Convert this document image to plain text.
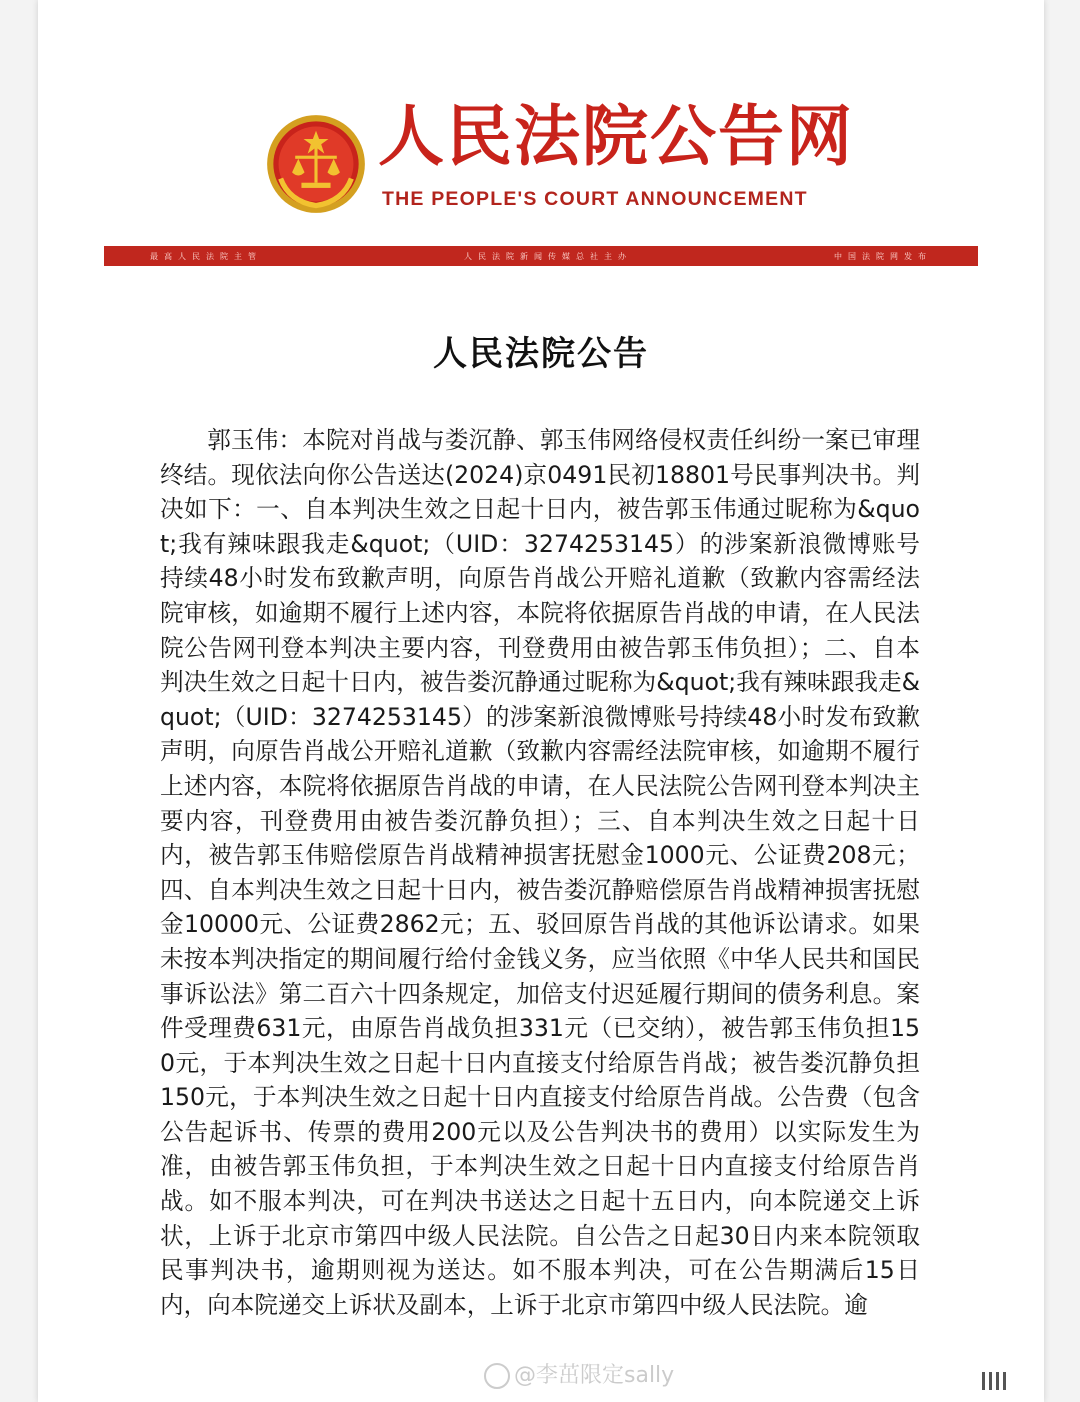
人民法院公告网
THE PEOPLE'S COURT ANNOUNCEMENT
最高人民法院主管	人民法院新闻传媒总社主办	中国法院网发布
人民法院公告
郭玉伟：本院对肖战与娄沉静、郭玉伟网络侵权责任纠纷一案已审理终结。现依法向你公告送达(2024)京0491民初18801号民事判决书。判决如下：一、自本判决生效之日起十日内，被告郭玉伟通过昵称为&quot;我有辣味跟我走&quot;（UID：3274253145）的涉案新浪微博账号持续48小时发布致歉声明，向原告肖战公开赔礼道歉（致歉内容需经法院审核，如逾期不履行上述内容，本院将依据原告肖战的申请，在人民法院公告网刊登本判决主要内容，刊登费用由被告郭玉伟负担）；二、自本判决生效之日起十日内，被告娄沉静通过昵称为&quot;我有辣味跟我走&quot;（UID：3274253145）的涉案新浪微博账号持续48小时发布致歉声明，向原告肖战公开赔礼道歉（致歉内容需经法院审核，如逾期不履行上述内容，本院将依据原告肖战的申请，在人民法院公告网刊登本判决主要内容，刊登费用由被告娄沉静负担）；三、自本判决生效之日起十日内，被告郭玉伟赔偿原告肖战精神损害抚慰金1000元、公证费208元；四、自本判决生效之日起十日内，被告娄沉静赔偿原告肖战精神损害抚慰金10000元、公证费2862元；五、驳回原告肖战的其他诉讼请求。如果未按本判决指定的期间履行给付金钱义务，应当依照《中华人民共和国民事诉讼法》第二百六十四条规定，加倍支付迟延履行期间的债务利息。案件受理费631元，由原告肖战负担331元（已交纳），被告郭玉伟负担150元，于本判决生效之日起十日内直接支付给原告肖战；被告娄沉静负担150元，于本判决生效之日起十日内直接支付给原告肖战。公告费（包含公告起诉书、传票的费用200元以及公告判决书的费用）以实际发生为准，由被告郭玉伟负担，于本判决生效之日起十日内直接支付给原告肖战。如不服本判决，可在判决书送达之日起十五日内，向本院递交上诉状，上诉于北京市第四中级人民法院。自公告之日起30日内来本院领取民事判决书，逾期则视为送达。如不服本判决，可在公告期满后15日内，向本院递交上诉状及副本，上诉于北京市第四中级人民法院。逾
@李茁限定sally
